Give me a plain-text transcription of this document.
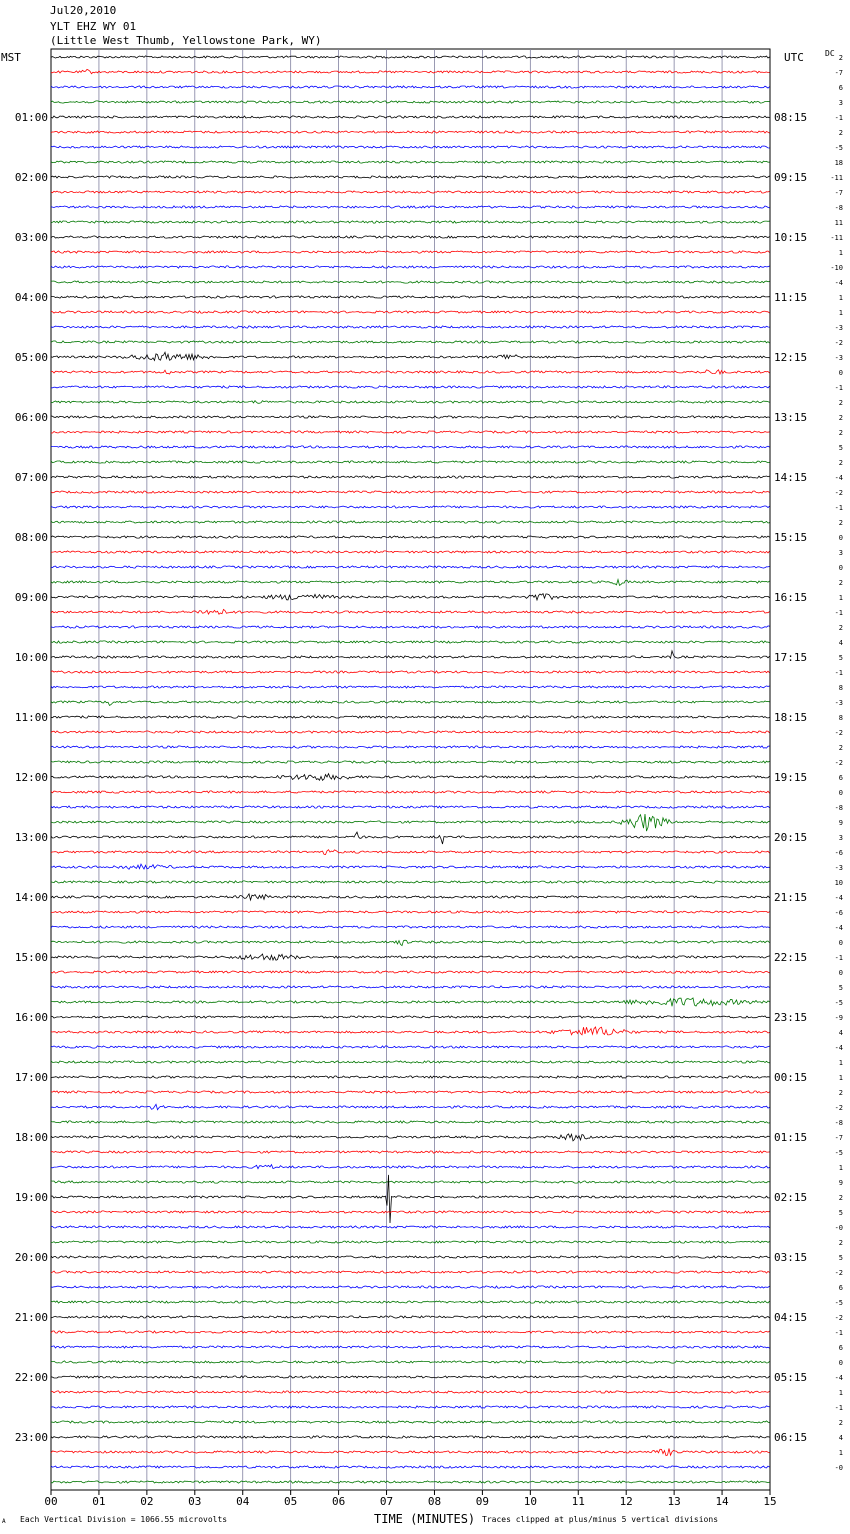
Jul20,2010
YLT EHZ WY 01
(Little West Thumb, Yellowstone Park, WY)
MST	UTC	DC
00	01	02	03	04	05	06	07	08	09	10	11	12	13	14	15
2
-7
6
3
-1
2
-5
18
-11
-7
-8
11
-11
1
-10
-4
1
1
-3
-2
-3
0
-1
2
2
2
5
2
-4
-2
-1
2
0
3
0
2
1
-1
2
4
5
-1
8
-3
8
-2
2
-2
6
0
-8
9
3
-6
-3
10
-4
-6
-4
0
-1
0
5
-5
-9
4
-4
1
1
2
-2
-8
-7
-5
1
9
2
5
-0
2
5
-2
6
-5
-2
-1
6
0
-4
1
-1
2
4
1
-0
01:00
02:00
03:00
04:00
05:00
06:00
07:00
08:00
09:00
10:00
11:00
12:00
13:00
14:00
15:00
16:00
17:00
18:00
19:00
20:00
21:00
22:00
23:00
08:15
09:15
10:15
11:15
12:15
13:15
14:15
15:15
16:15
17:15
18:15
19:15
20:15
21:15
22:15
23:15
00:15
01:15
02:15
03:15
04:15
05:15
06:15
A Each Vertical Division = 1066.55 microvolts	TIME (MINUTES) Traces clipped at plus/minus 5 vertical divisions
